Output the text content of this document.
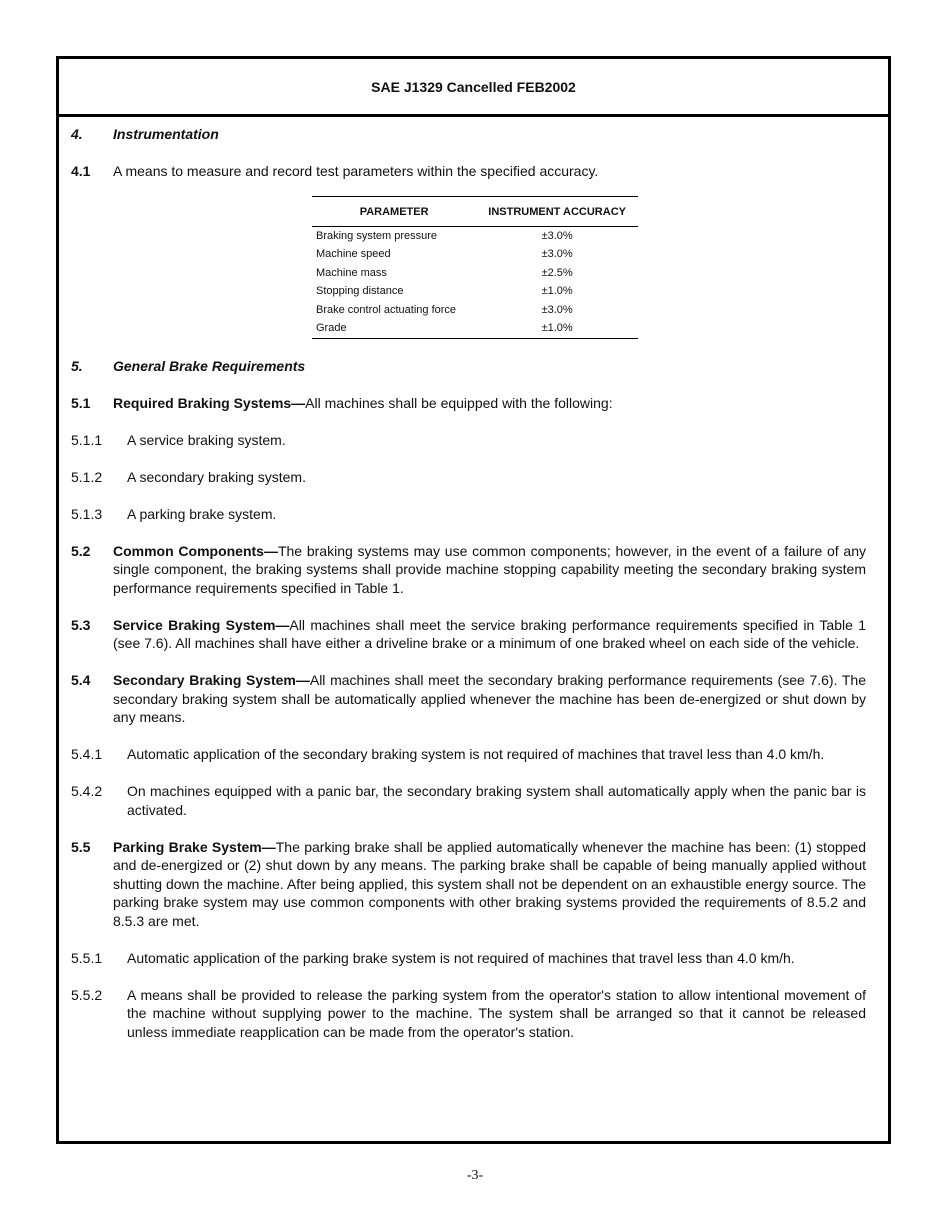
SAE J1329 Cancelled FEB2002
4.	Instrumentation
4.1	A means to measure and record test parameters within the specified accuracy.
PARAMETER	INSTRUMENT ACCURACY
Braking system pressure	±3.0%
Machine speed	±3.0%
Machine mass	±2.5%
Stopping distance	±1.0%
Brake control actuating force	±3.0%
Grade	±1.0%
5.	General Brake Requirements
5.1	Required Braking Systems—All machines shall be equipped with the following:
5.1.1	A service braking system.
5.1.2	A secondary braking system.
5.1.3	A parking brake system.
5.2	Common Components—The braking systems may use common components; however, in the event of a failure of any single component, the braking systems shall provide machine stopping capability meeting the secondary braking system performance requirements specified in Table 1.
5.3	Service Braking System—All machines shall meet the service braking performance requirements specified in Table 1 (see 7.6). All machines shall have either a driveline brake or a minimum of one braked wheel on each side of the vehicle.
5.4	Secondary Braking System—All machines shall meet the secondary braking performance requirements (see 7.6). The secondary braking system shall be automatically applied whenever the machine has been de-energized or shut down by any means.
5.4.1	Automatic application of the secondary braking system is not required of machines that travel less than 4.0 km/h.
5.4.2	On machines equipped with a panic bar, the secondary braking system shall automatically apply when the panic bar is activated.
5.5	Parking Brake System—The parking brake shall be applied automatically whenever the machine has been: (1) stopped and de-energized or (2) shut down by any means. The parking brake shall be capable of being manually applied without shutting down the machine. After being applied, this system shall not be dependent on an exhaustible energy source. The parking brake system may use common components with other braking systems provided the requirements of 8.5.2 and 8.5.3 are met.
5.5.1	Automatic application of the parking brake system is not required of machines that travel less than 4.0 km/h.
5.5.2	A means shall be provided to release the parking system from the operator's station to allow intentional movement of the machine without supplying power to the machine. The system shall be arranged so that it cannot be released unless immediate reapplication can be made from the operator's station.
-3-
